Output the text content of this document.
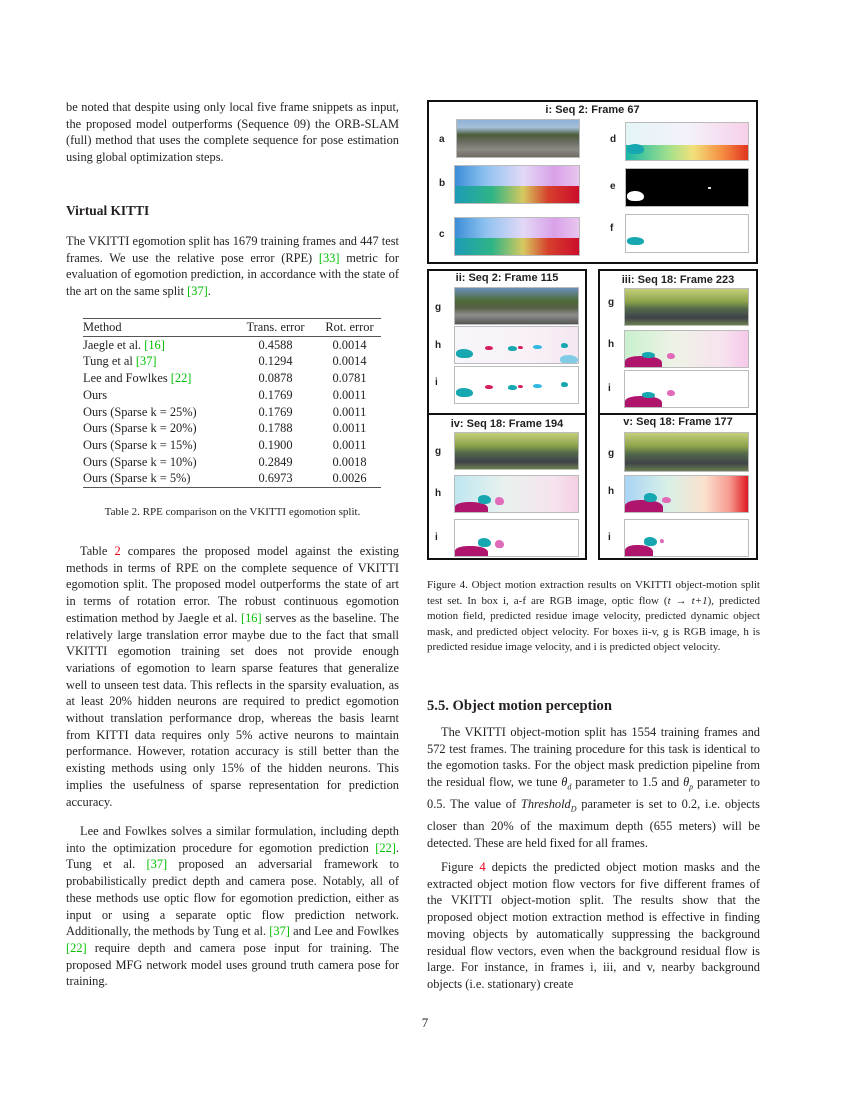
be noted that despite using only local five frame snippets as input, the proposed model outperforms (Sequence 09) the ORB-SLAM (full) method that uses the complete sequence for pose estimation using global optimization steps.

Virtual KITTI

The VKITTI egomotion split has 1679 training frames and 447 test frames. We use the relative pose error (RPE) [33] metric for evaluation of egomotion prediction, in accordance with the state of the art on the same split [37].

Method	Trans. error	Rot. error
Jaegle et al. [16]	0.4588	0.0014
Tung et al [37]	0.1294	0.0014
Lee and Fowlkes [22]	0.0878	0.0781
Ours	0.1769	0.0011
Ours (Sparse k = 25%)	0.1769	0.0011
Ours (Sparse k = 20%)	0.1788	0.0011
Ours (Sparse k = 15%)	0.1900	0.0011
Ours (Sparse k = 10%)	0.2849	0.0018
Ours (Sparse k = 5%)	0.6973	0.0026
Table 2. RPE comparison on the VKITTI egomotion split.

Table 2 compares the proposed model against the existing methods in terms of RPE on the complete sequence of VKITTI egomotion split. The proposed model outperforms the state of art in terms of rotation error. The robust continuous egomotion estimation method by Jaegle et al. [16] serves as the baseline. The relatively large translation error maybe due to the fact that small VKITTI egomotion training set does not provide enough variations of egomotion to learn sparse features that generalize well to unseen test data. This reflects in the sparsity evaluation, as at least 20% hidden neurons are required to predict egomotion without translation performance drop, whereas the basis learnt from KITTI data requires only 5% active neurons to maintain performance. However, rotation accuracy is still better than the existing methods using only 15% of the hidden neurons. This implies the usefulness of sparse representation for prediction accuracy.

Lee and Fowlkes solves a similar formulation, including depth into the optimization procedure for egomotion prediction [22]. Tung et al. [37] proposed an adversarial framework to probabilistically predict depth and camera pose. Notably, all of these methods use optic flow for egomotion prediction, either as input or using a separate optic flow prediction network. Additionally, the methods by Tung et al. [37] and Lee and Fowlkes [22] require depth and camera pose input for training. The proposed MFG network model uses ground truth camera pose for training.

i: Seq 2: Frame 67
a
b
c
d
e
f
ii: Seq 2: Frame 115
g
h
i
iii: Seq 18: Frame 223
g
h
i
iv: Seq 18: Frame 194
g
h
i
v: Seq 18: Frame 177
g
h
i
Figure 4. Object motion extraction results on VKITTI object-motion split test set. In box i, a-f are RGB image, optic flow (t → t+1), predicted motion field, predicted residue image velocity, predicted dynamic object mask, and predicted object velocity. For boxes ii-v, g is RGB image, h is predicted residue image velocity, and i is predicted object velocity.
5.5. Object motion perception

The VKITTI object-motion split has 1554 training frames and 572 test frames. The training procedure for this task is identical to the egomotion tasks. For the object mask prediction pipeline from the residual flow, we tune $\theta_d$ parameter to 1.5 and $\theta_p$ parameter to 0.5. The value of Threshold$_D$ parameter is set to 0.2, i.e. objects closer than 20% of the maximum depth (655 meters) will be detected. These are held fixed for all frames.

Figure 4 depicts the predicted object motion masks and the extracted object motion flow vectors for five different frames of the VKITTI object-motion split. The results show that the proposed object motion extraction method is effective in finding moving objects by automatically suppressing the background residual flow vectors, even when the background residual flow is large. For instance, in frames i, iii, and v, nearby background objects (i.e. stationary) create

7
